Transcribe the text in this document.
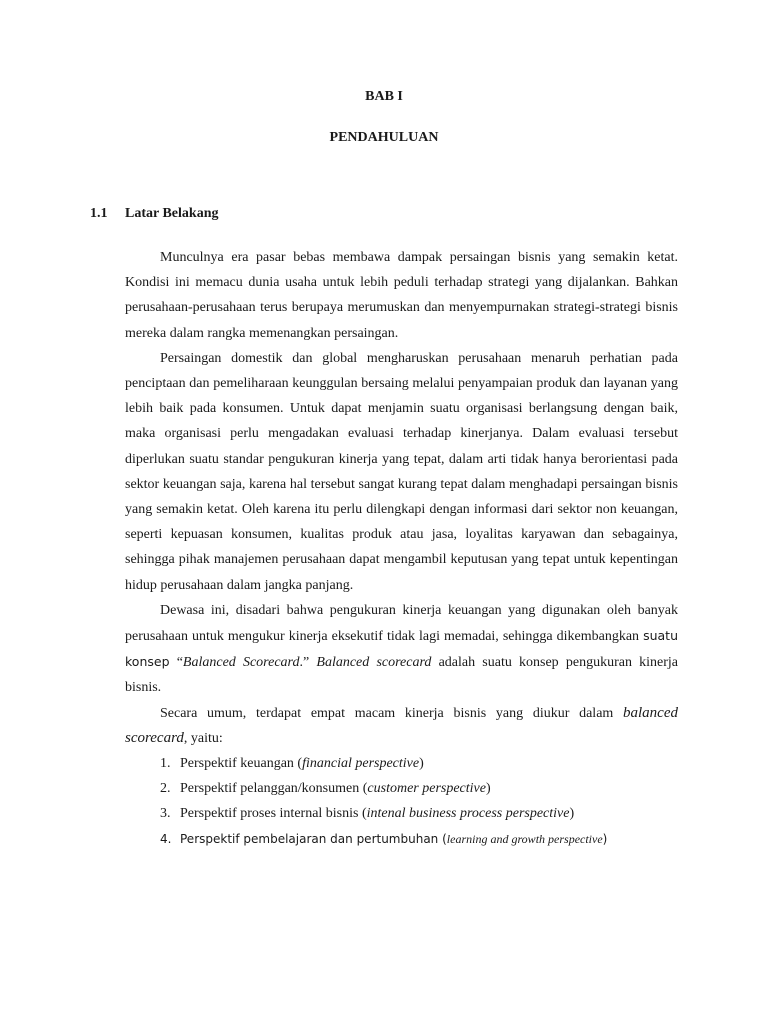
BAB I
PENDAHULUAN
1.1 Latar Belakang

Munculnya era pasar bebas membawa dampak persaingan bisnis yang semakin ketat. Kondisi ini memacu dunia usaha untuk lebih peduli terhadap strategi yang dijalankan. Bahkan perusahaan-perusahaan terus berupaya merumuskan dan menyempurnakan strategi-strategi bisnis mereka dalam rangka memenangkan persaingan.

Persaingan domestik dan global mengharuskan perusahaan menaruh perhatian pada penciptaan dan pemeliharaan keunggulan bersaing melalui penyampaian produk dan layanan yang lebih baik pada konsumen. Untuk dapat menjamin suatu organisasi berlangsung dengan baik, maka organisasi perlu mengadakan evaluasi terhadap kinerjanya. Dalam evaluasi tersebut diperlukan suatu standar pengukuran kinerja yang tepat, dalam arti tidak hanya berorientasi pada sektor keuangan saja, karena hal tersebut sangat kurang tepat dalam menghadapi persaingan bisnis yang semakin ketat. Oleh karena itu perlu dilengkapi dengan informasi dari sektor non keuangan, seperti kepuasan konsumen, kualitas produk atau jasa, loyalitas karyawan dan sebagainya, sehingga pihak manajemen perusahaan dapat mengambil keputusan yang tepat untuk kepentingan hidup perusahaan dalam jangka panjang.

Dewasa ini, disadari bahwa pengukuran kinerja keuangan yang digunakan oleh banyak perusahaan untuk mengukur kinerja eksekutif tidak lagi memadai, sehingga dikembangkan suatu konsep “Balanced Scorecard.” Balanced scorecard adalah suatu konsep pengukuran kinerja bisnis.

Secara umum, terdapat empat macam kinerja bisnis yang diukur dalam balanced scorecard, yaitu:

1. Perspektif keuangan (financial perspective)
2. Perspektif pelanggan/konsumen (customer perspective)
3. Perspektif proses internal bisnis (intenal business process perspective)
4. Perspektif pembelajaran dan pertumbuhan (learning and growth perspective)
